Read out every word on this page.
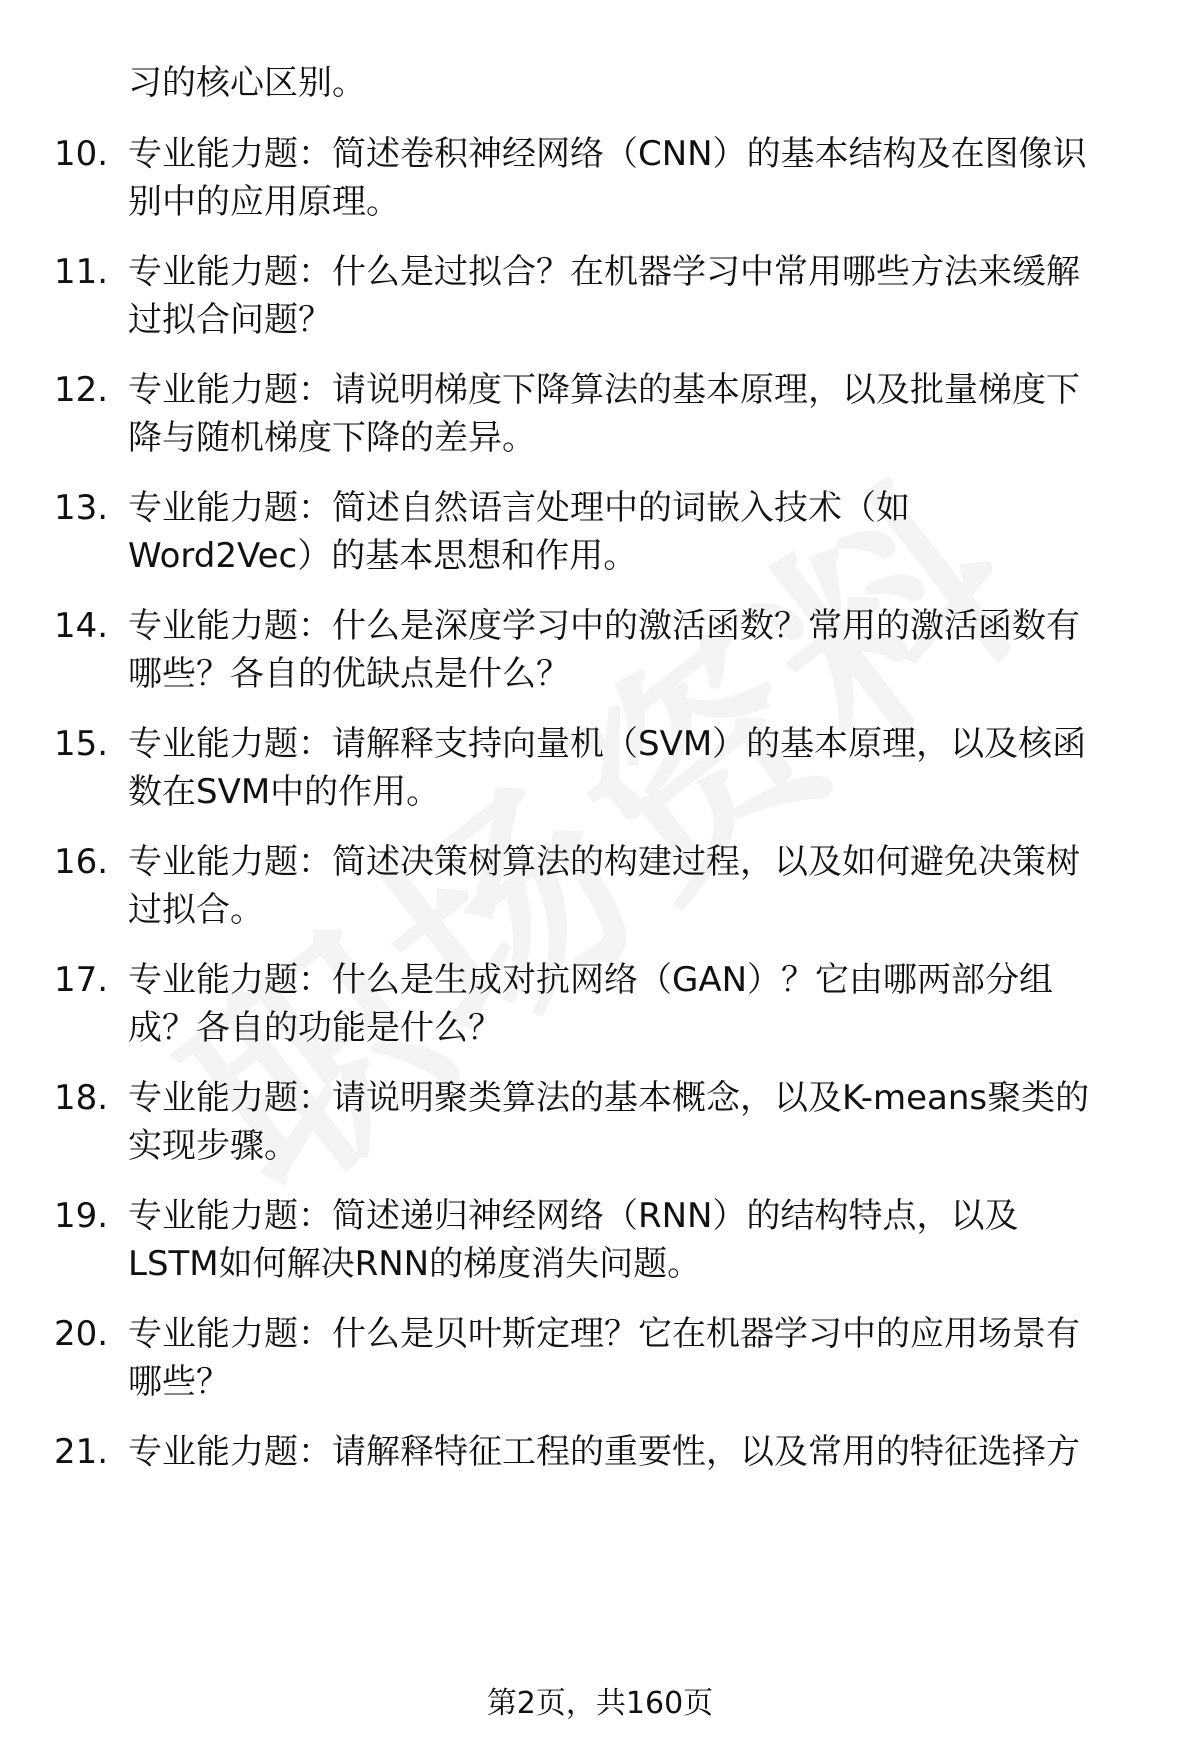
习的核心区别。
10. 专业能力题：简述卷积神经网络（CNN）的基本结构及在图像识
别中的应用原理。
11. 专业能力题：什么是过拟合？在机器学习中常用哪些方法来缓解
过拟合问题？
12. 专业能力题：请说明梯度下降算法的基本原理，以及批量梯度下
降与随机梯度下降的差异。
13. 专业能力题：简述自然语言处理中的词嵌入技术（如
Word2Vec）的基本思想和作用。
14. 专业能力题：什么是深度学习中的激活函数？常用的激活函数有
哪些？各自的优缺点是什么？
15. 专业能力题：请解释支持向量机（SVM）的基本原理，以及核函
数在SVM中的作用。
16. 专业能力题：简述决策树算法的构建过程，以及如何避免决策树
过拟合。
17. 专业能力题：什么是生成对抗网络（GAN）？它由哪两部分组
成？各自的功能是什么？
18. 专业能力题：请说明聚类算法的基本概念，以及K-means聚类的
实现步骤。
19. 专业能力题：简述递归神经网络（RNN）的结构特点，以及
LSTM如何解决RNN的梯度消失问题。
20. 专业能力题：什么是贝叶斯定理？它在机器学习中的应用场景有
哪些？
21. 专业能力题：请解释特征工程的重要性，以及常用的特征选择方
第2页，共160页
